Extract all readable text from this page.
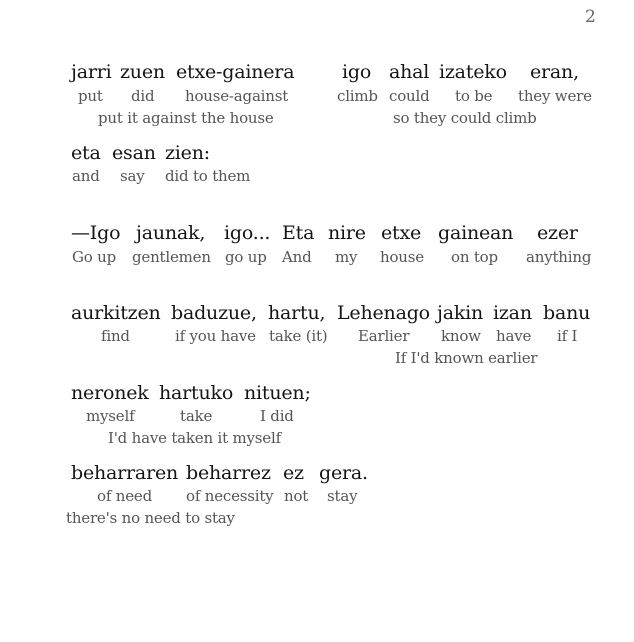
2
jarri zuen etxe-gainera	igo ahal izateko eran,
put did house-against	climb could to be they were
put it against the house	so they could climb
eta esan zien:
and say did to them
—Igo jaunak, igo... Eta nire etxe gainean ezer
Go up gentlemen go up And my house on top anything
aurkitzen baduzue, hartu, Lehenago jakin izan banu
find	if you have take (it) Earlier know have if I
If I'd known earlier
neronek hartuko nituen;
myself	take	I did
I'd have taken it myself
beharraren beharrez ez gera.
of need of necessity not stay
there's no need to stay
